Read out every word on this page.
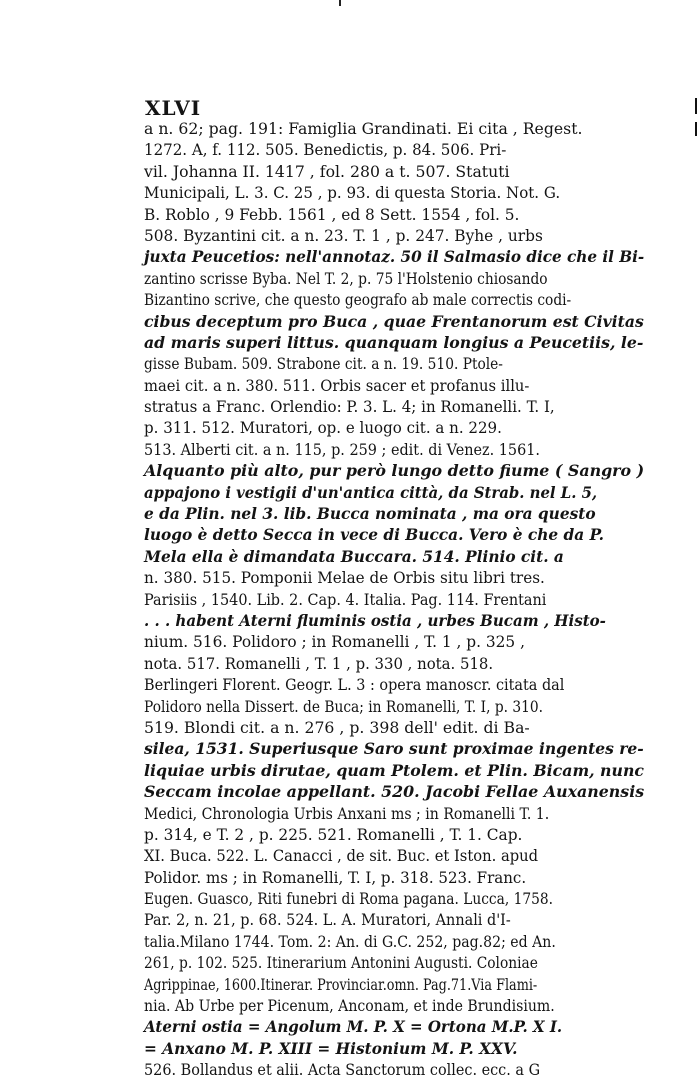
XLVI
a n. 62; pag. 191: Famiglia Grandinati. Ei cita , Regest.
1272. A, f. 112. 505. Benedictis, p. 84. 506. Pri-
vil. Johanna II. 1417 , fol. 280 a t. 507. Statuti
Municipali, L. 3. C. 25 , p. 93. di questa Storia. Not. G.
B. Roblo , 9 Febb. 1561 , ed 8 Sett. 1554 , fol. 5.
508. Byzantini cit. a n. 23. T. 1 , p. 247. Byhe , urbs
juxta Peucetios: nell'annotaz. 50 il Salmasio dice che il Bi-
zantino scrisse Byba. Nel T. 2, p. 75 l'Holstenio chiosando
Bizantino scrive, che questo geografo ab male correctis codi-
cibus deceptum pro Buca , quae Frentanorum est Civitas
ad maris superi littus. quanquam longius a Peucetiis, le-
gisse Bubam. 509. Strabone cit. a n. 19. 510. Ptole-
maei cit. a n. 380. 511. Orbis sacer et profanus illu-
stratus a Franc. Orlendio: P. 3. L. 4; in Romanelli. T. I,
p. 311. 512. Muratori, op. e luogo cit. a n. 229.
513. Alberti cit. a n. 115, p. 259 ; edit. di Venez. 1561.
Alquanto più alto, pur però lungo detto fiume ( Sangro )
appajono i vestigii d'un'antica città, da Strab. nel L. 5,
e da Plin. nel 3. lib. Bucca nominata , ma ora questo
luogo è detto Secca in vece di Bucca. Vero è che da P.
Mela ella è dimandata Buccara. 514. Plinio cit. a
n. 380. 515. Pomponii Melae de Orbis situ libri tres.
Parisiis , 1540. Lib. 2. Cap. 4. Italia. Pag. 114. Frentani
. . . habent Aterni fluminis ostia , urbes Bucam , Histo-
nium. 516. Polidoro ; in Romanelli , T. 1 , p. 325 ,
nota. 517. Romanelli , T. 1 , p. 330 , nota. 518.
Berlingeri Florent. Geogr. L. 3 : opera manoscr. citata dal
Polidoro nella Dissert. de Buca; in Romanelli, T. I, p. 310.
519. Blondi cit. a n. 276 , p. 398 dell' edit. di Ba-
silea, 1531. Superiusque Saro sunt proximae ingentes re-
liquiae urbis dirutae, quam Ptolem. et Plin. Bicam, nunc
Seccam incolae appellant. 520. Jacobi Fellae Auxanensis
Medici, Chronologia Urbis Anxani ms ; in Romanelli T. 1.
p. 314, e T. 2 , p. 225. 521. Romanelli , T. 1. Cap.
XI. Buca. 522. L. Canacci , de sit. Buc. et Iston. apud
Polidor. ms ; in Romanelli, T. I, p. 318. 523. Franc.
Eugen. Guasco, Riti funebri di Roma pagana. Lucca, 1758.
Par. 2, n. 21, p. 68. 524. L. A. Muratori, Annali d'I-
talia.Milano 1744. Tom. 2: An. di G.C. 252, pag.82; ed An.
261, p. 102. 525. Itinerarium Antonini Augusti. Coloniae
Agrippinae, 1600.Itinerar. Provinciar.omn. Pag.71.Via Flami-
nia. Ab Urbe per Picenum, Anconam, et inde Brundisium.
Aterni ostia = Angolum M. P. X = Ortona M.P. X I.
= Anxano M. P. XIII = Histonium M. P. XXV.
526. Bollandus et alii. Acta Sanctorum collec. ecc. a G
